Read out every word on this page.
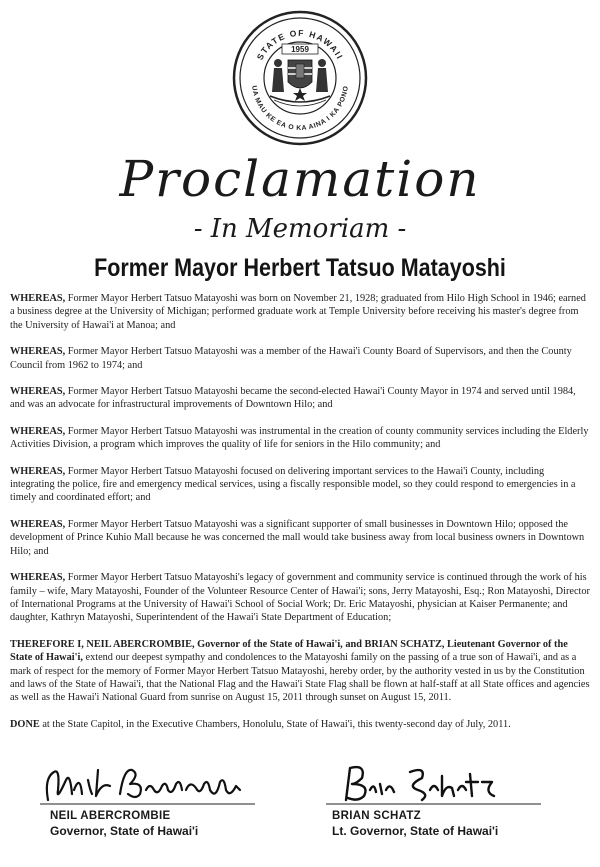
STATE OF HAWAII
UA MAU KE EA O KA AINA I KA PONO
1959
Proclamation
- In Memoriam -
Former Mayor Herbert Tatsuo Matayoshi

WHEREAS, Former Mayor Herbert Tatsuo Matayoshi was born on November 21, 1928; graduated from Hilo High School in 1946; earned a business degree at the University of Michigan; performed graduate work at Temple University before receiving his master's degree from the University of Hawai'i at Manoa; and

WHEREAS, Former Mayor Herbert Tatsuo Matayoshi was a member of the Hawai'i County Board of Supervisors, and then the County Council from 1962 to 1974; and

WHEREAS, Former Mayor Herbert Tatsuo Matayoshi became the second-elected Hawai'i County Mayor in 1974 and served until 1984, and was an advocate for infrastructural improvements of Downtown Hilo; and

WHEREAS, Former Mayor Herbert Tatsuo Matayoshi was instrumental in the creation of county community services including the Elderly Activities Division, a program which improves the quality of life for seniors in the Hilo community; and

WHEREAS, Former Mayor Herbert Tatsuo Matayoshi focused on delivering important services to the Hawai'i County, including integrating the police, fire and emergency medical services, using a fiscally responsible model, so they could respond to emergencies in a timely and coordinated effort; and

WHEREAS, Former Mayor Herbert Tatsuo Matayoshi was a significant supporter of small businesses in Downtown Hilo; opposed the development of Prince Kuhio Mall because he was concerned the mall would take business away from local business owners in Downtown Hilo; and

WHEREAS, Former Mayor Herbert Tatsuo Matayoshi's legacy of government and community service is continued through the work of his family – wife, Mary Matayoshi, Founder of the Volunteer Resource Center of Hawai'i; sons, Jerry Matayoshi, Esq.; Ron Matayoshi, Director of International Programs at the University of Hawai'i School of Social Work; Dr. Eric Matayoshi, physician at Kaiser Permanente; and daughter, Kathryn Matayoshi, Superintendent of the Hawai'i State Department of Education;

THEREFORE I, NEIL ABERCROMBIE, Governor of the State of Hawai'i, and BRIAN SCHATZ, Lieutenant Governor of the State of Hawai'i, extend our deepest sympathy and condolences to the Matayoshi family on the passing of a true son of Hawai'i, and as a mark of respect for the memory of Former Mayor Herbert Tatsuo Matayoshi, hereby order, by the authority vested in us by the Constitution and laws of the State of Hawai'i, that the National Flag and the Hawai'i State Flag shall be flown at half-staff at all State offices and agencies as well as the Hawai'i National Guard from sunrise on August 15, 2011 through sunset on August 15, 2011.

DONE at the State Capitol, in the Executive Chambers, Honolulu, State of Hawai'i, this twenty-second day of July, 2011.

NEIL ABERCROMBIE
Governor, State of Hawai'i
BRIAN SCHATZ
Lt. Governor, State of Hawai'i
